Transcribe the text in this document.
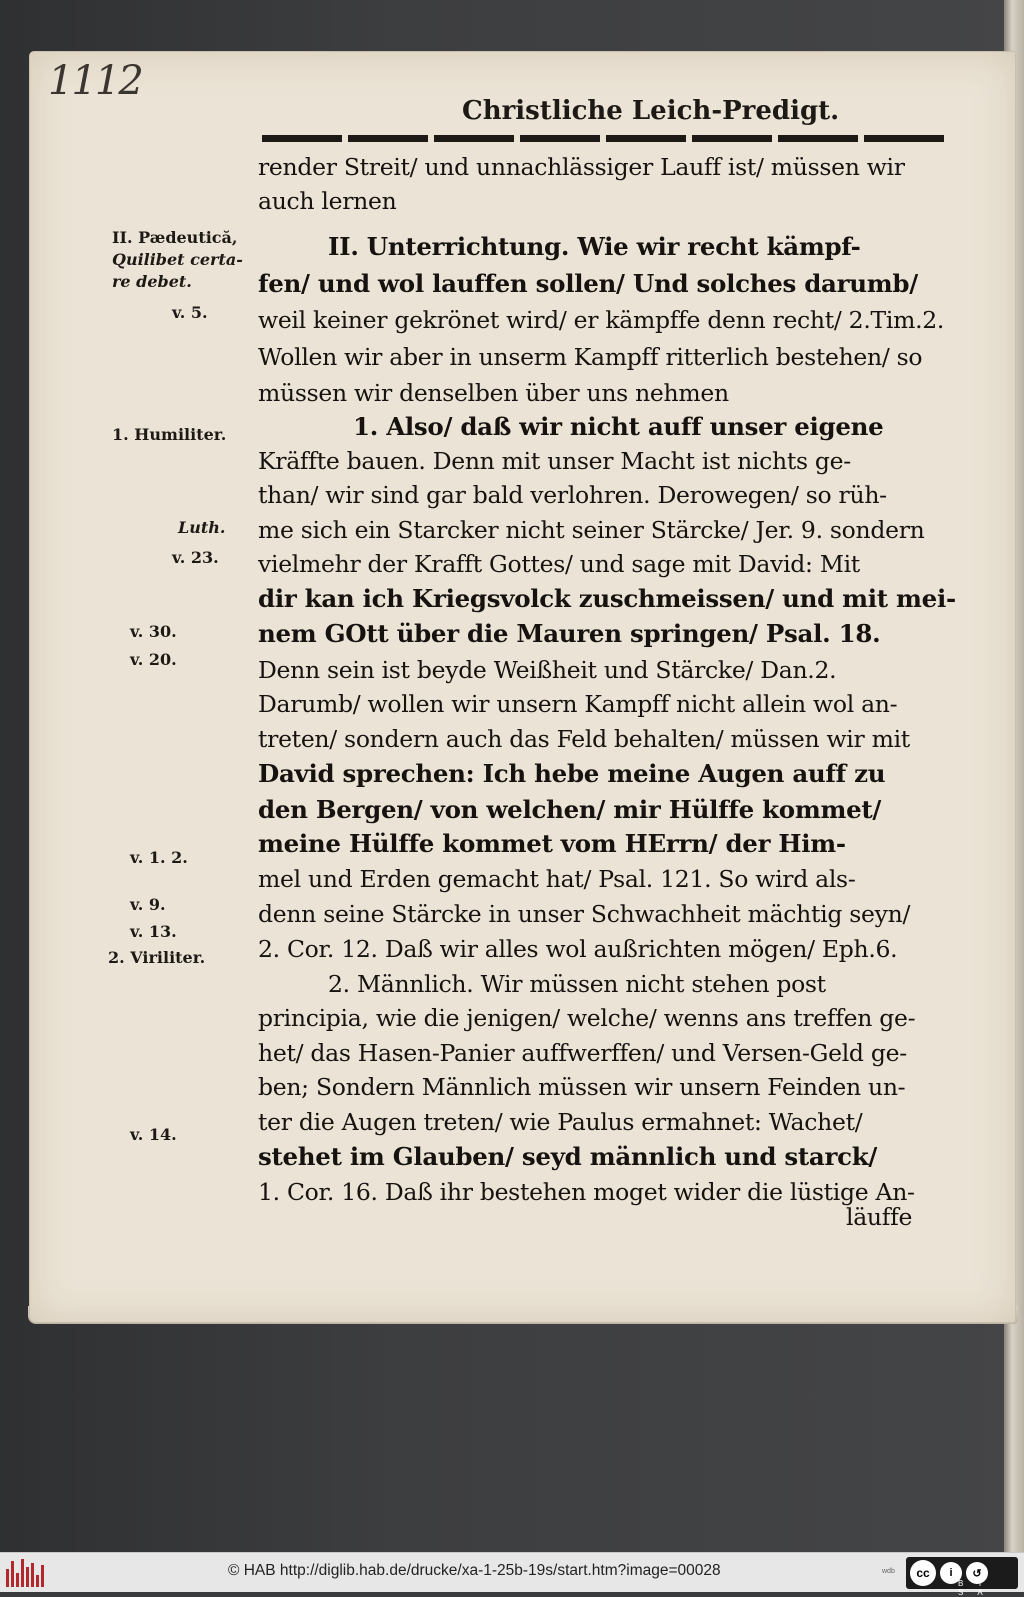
1112
Christliche Leich-Predigt.
render Streit/ und unnachlässiger Lauff ist/ müssen wir
auch lernen
II. Unterrichtung. Wie wir recht kämpf-
fen/ und wol lauffen sollen/ Und solches darumb/
weil keiner gekrönet wird/ er kämpffe denn recht/ 2.Tim.2.
Wollen wir aber in unserm Kampff ritterlich bestehen/ so
müssen wir denselben über uns nehmen
1. Also/ daß wir nicht auff unser eigene
Kräffte bauen. Denn mit unser Macht ist nichts ge-
than/ wir sind gar bald verlohren. Derowegen/ so rüh-
me sich ein Starcker nicht seiner Stärcke/ Jer. 9. sondern
vielmehr der Krafft Gottes/ und sage mit David: Mit
dir kan ich Kriegsvolck zuschmeissen/ und mit mei-
nem GOtt über die Mauren springen/ Psal. 18.
Denn sein ist beyde Weißheit und Stärcke/ Dan.2.
Darumb/ wollen wir unsern Kampff nicht allein wol an-
treten/ sondern auch das Feld behalten/ müssen wir mit
David sprechen: Ich hebe meine Augen auff zu
den Bergen/ von welchen/ mir Hülffe kommet/
meine Hülffe kommet vom HErrn/ der Him-
mel und Erden gemacht hat/ Psal. 121. So wird als-
denn seine Stärcke in unser Schwachheit mächtig seyn/
2. Cor. 12. Daß wir alles wol außrichten mögen/ Eph.6.
2. Männlich. Wir müssen nicht stehen post
principia, wie die jenigen/ welche/ wenns ans treffen ge-
het/ das Hasen-Panier auffwerffen/ und Versen-Geld ge-
ben; Sondern Männlich müssen wir unsern Feinden un-
ter die Augen treten/ wie Paulus ermahnet: Wachet/
stehet im Glauben/ seyd männlich und starck/
1. Cor. 16. Daß ihr bestehen moget wider die lüstige An-
II. Pædeutică,
Quilibet certa-
re debet.
v. 5.
1. Humiliter.
Luth.
v. 23.
v. 30.
v. 20.
v. 1. 2.
v. 9.
v. 13.
2. Viriliter.
v. 14.
läuffe
© HAB http://diglib.hab.de/drucke/xa-1-25b-19s/start.htm?image=00028	wdb	cc	i	↺
BY SA
